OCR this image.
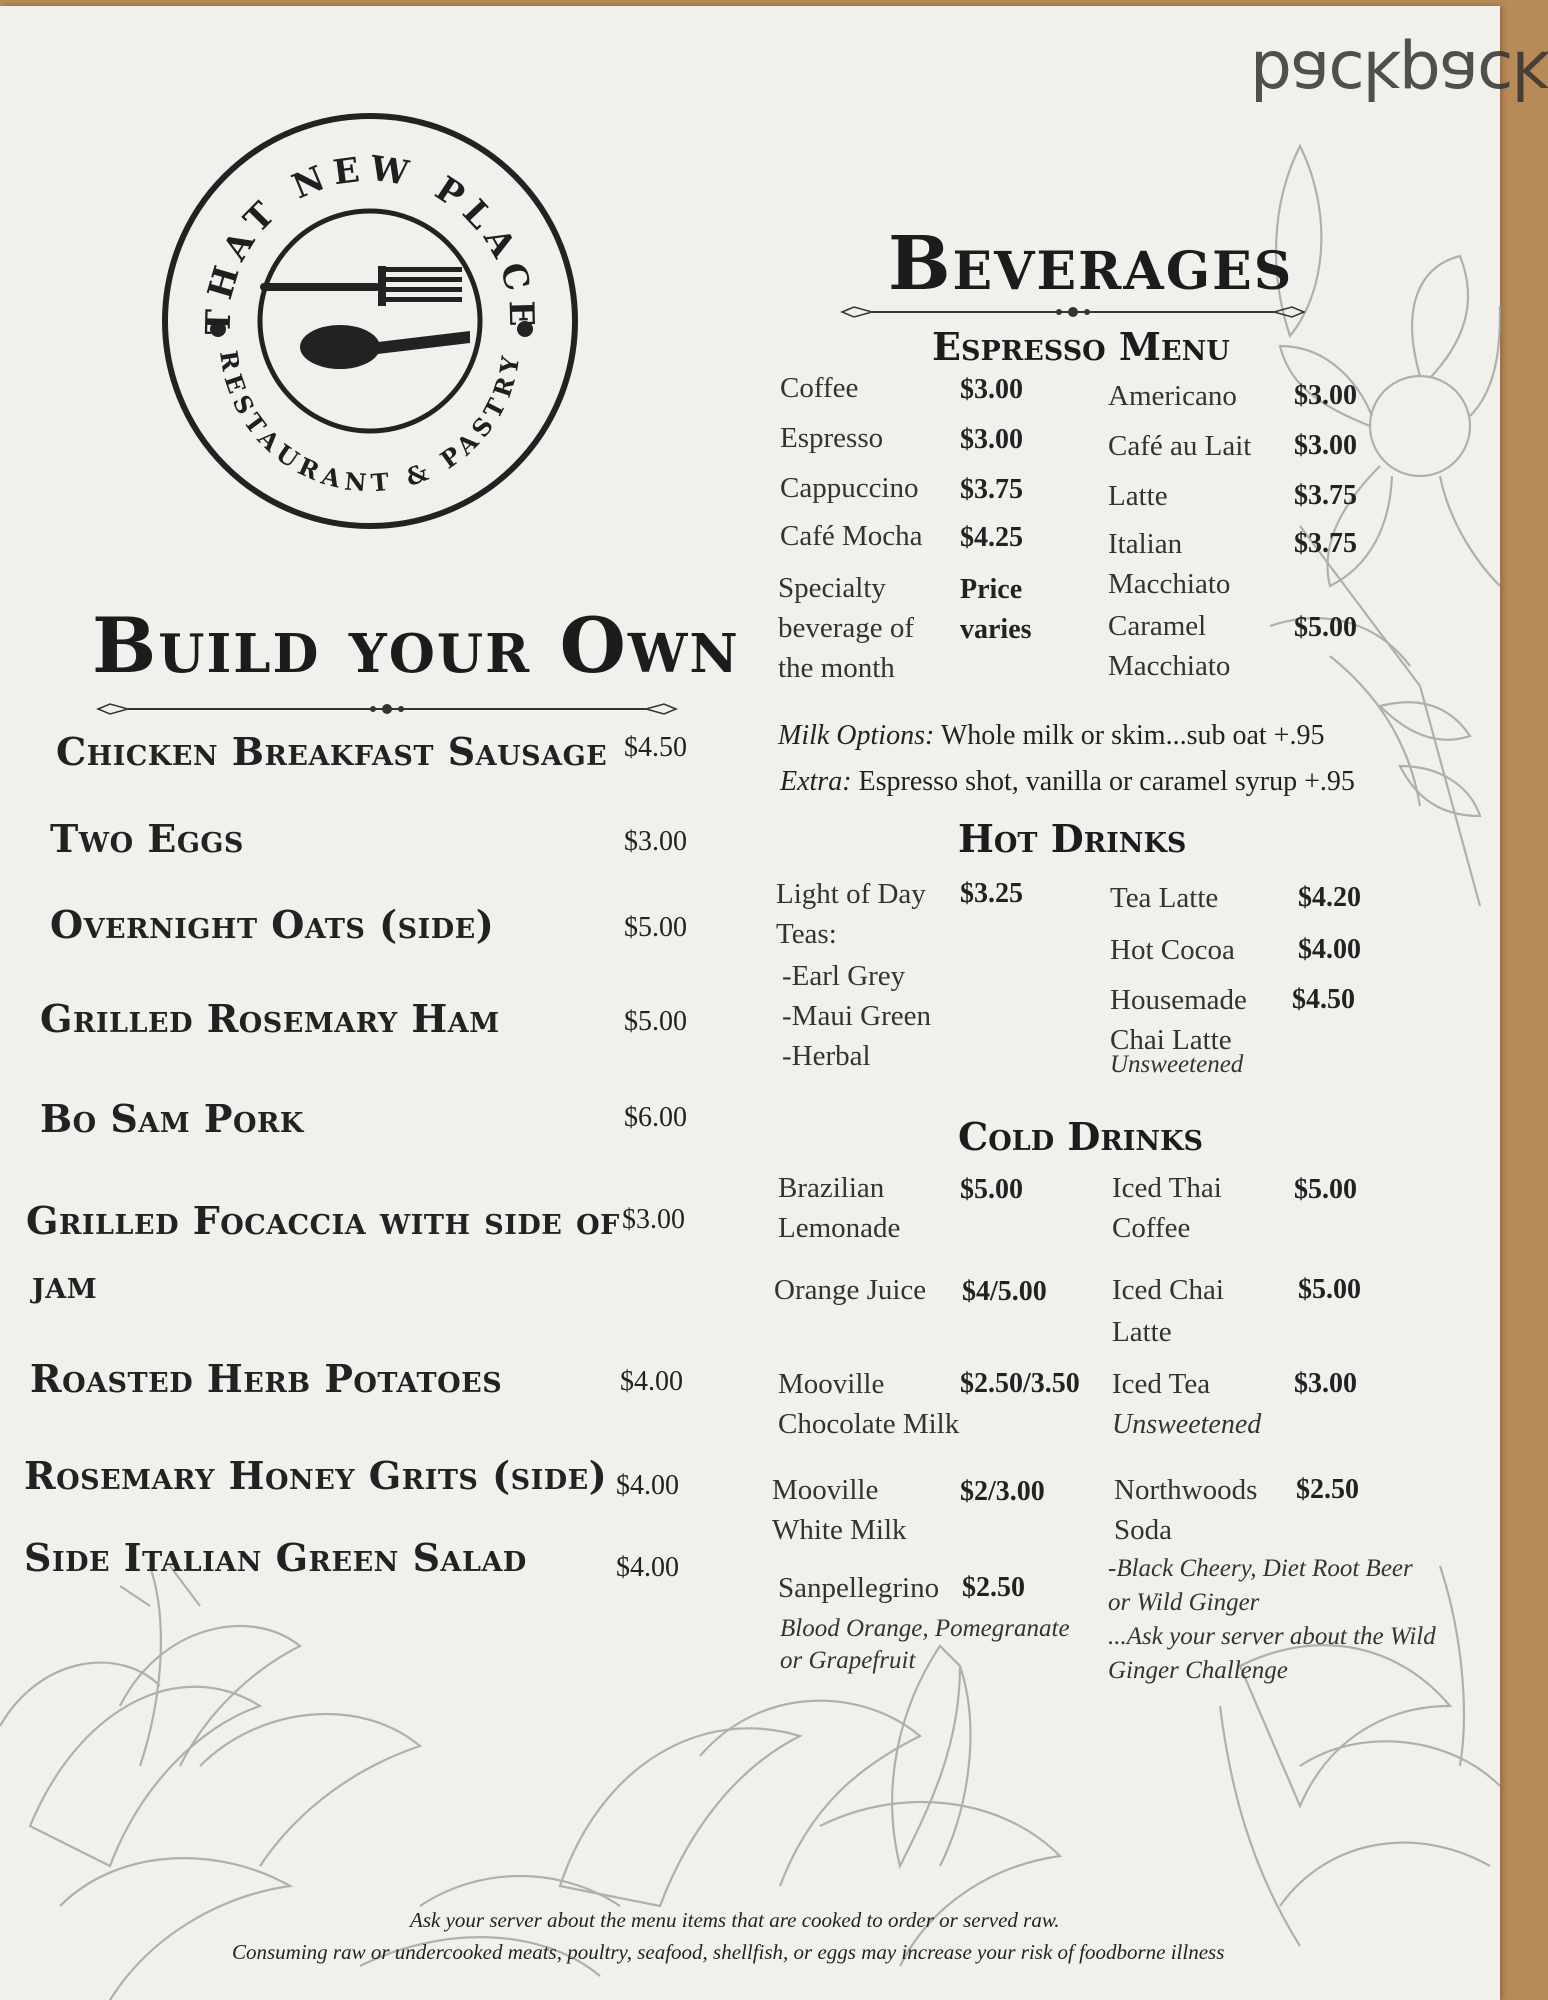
backpack
THAT NEW PLACE
RESTAURANT & PASTRY
Build your Own
Chicken Breakfast Sausage $4.50
Two Eggs	$3.00
Overnight Oats (side)	$5.00
Grilled Rosemary Ham	$5.00
Bo Sam Pork	$6.00
Grilled Focaccia with side of
jam
$3.00
Roasted Herb Potatoes	$4.00
Rosemary Honey Grits (side) $4.00
Side Italian Green Salad	$4.00
Beverages
Espresso Menu
Coffee	$3.00
Espresso	$3.00
Cappuccino $3.75
Café Mocha $4.25
Specialty
beverage of
the month
Price
varies
Americano $3.00
Café au Lait $3.00
Latte	$3.75
Italian
Macchiato
$3.75
Caramel
Macchiato
$5.00
Milk Options: Whole milk or skim...sub oat +.95
Extra: Espresso shot, vanilla or caramel syrup +.95
Hot Drinks
Light of Day
Teas:
$3.25
-Earl Grey
-Maui Green
-Herbal
Tea Latte	$4.20
Hot Cocoa $4.00
Housemade
Chai Latte
Unsweetened
$4.50
Cold Drinks
Brazilian
Lemonade
$5.00
Orange Juice $4/5.00
Mooville
Chocolate Milk
$2.50/3.50
Mooville
White Milk
$2/3.00
Sanpellegrino $2.50
Blood Orange, Pomegranate
or Grapefruit
Iced Thai
Coffee
$5.00
Iced Chai
Latte
$5.00
Iced Tea	$3.00
Unsweetened
Northwoods
Soda
$2.50
-Black Cheery, Diet Root Beer
or Wild Ginger
...Ask your server about the Wild
Ginger Challenge
Ask your server about the menu items that are cooked to order or served raw.
Consuming raw or undercooked meats, poultry, seafood, shellfish, or eggs may increase your risk of foodborne illness
